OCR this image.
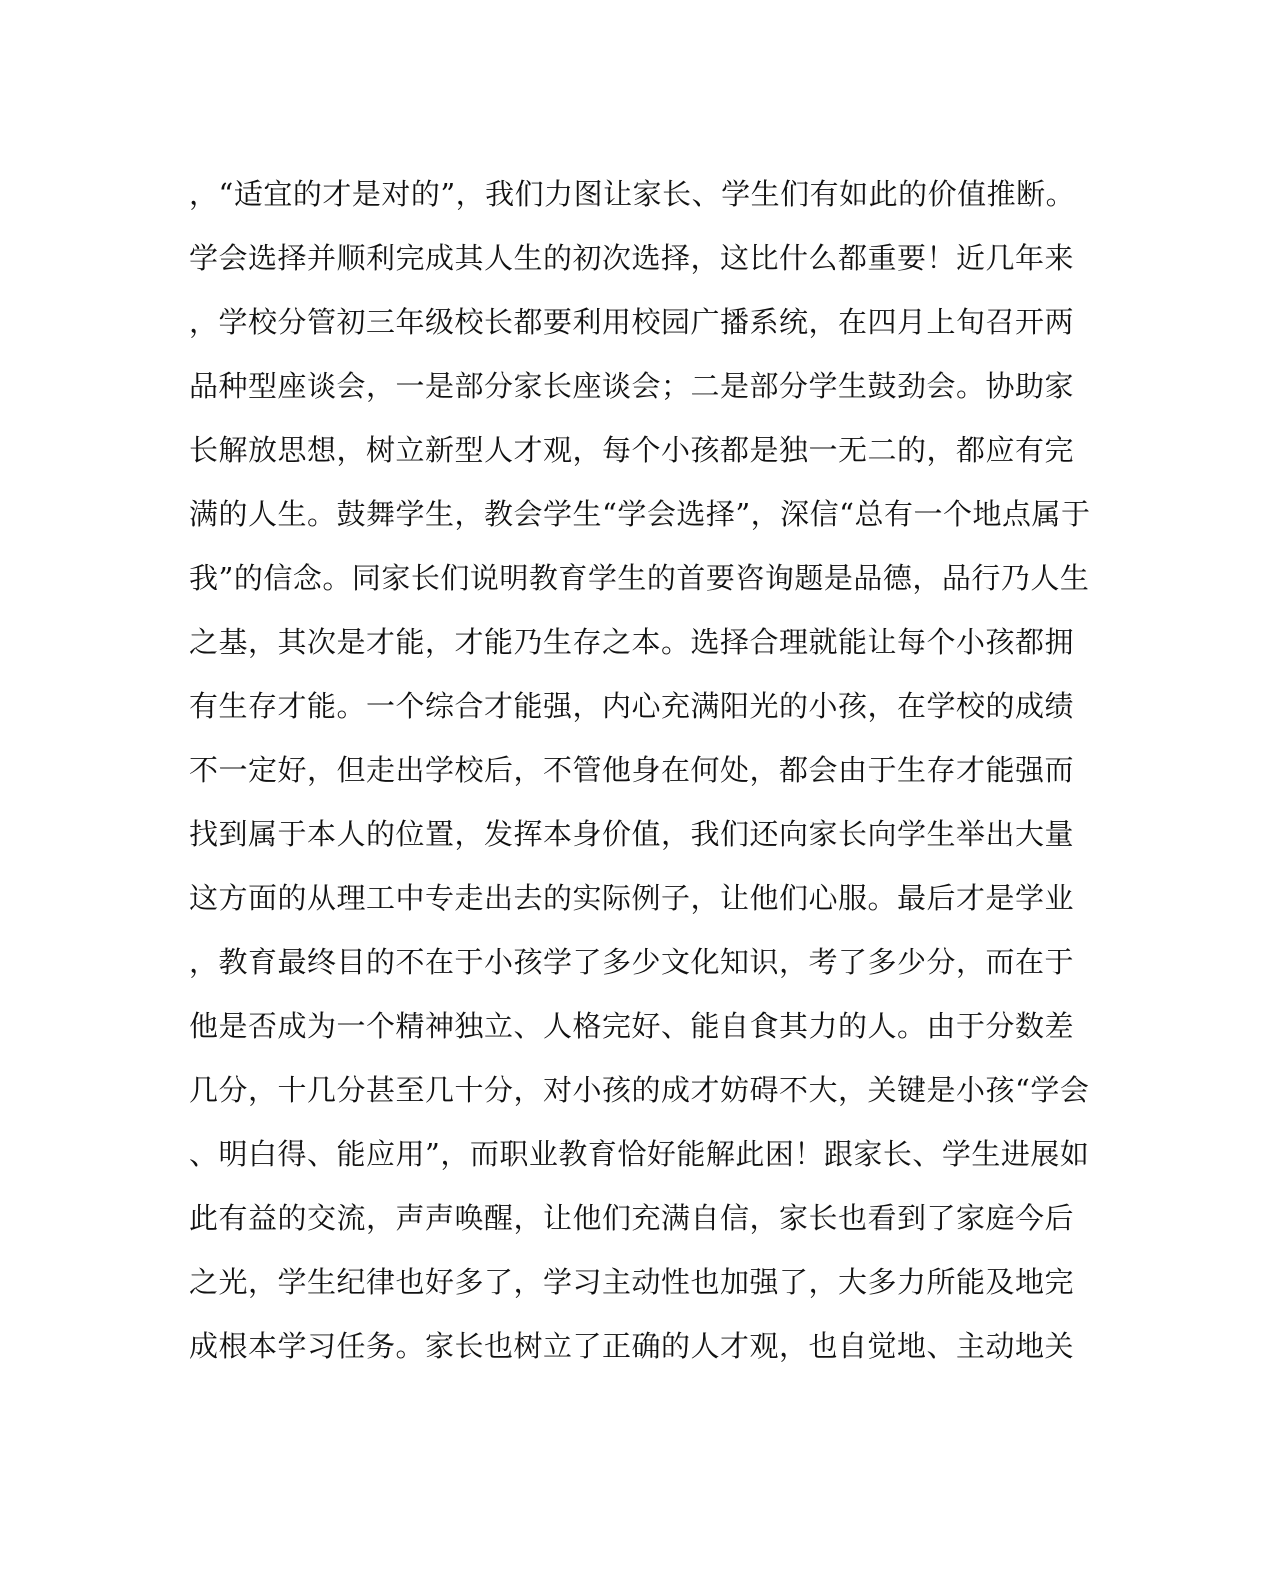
，“适宜的才是对的”，我们力图让家长、学生们有如此的价值推断。
学会选择并顺利完成其人生的初次选择，这比什么都重要！近几年来
，学校分管初三年级校长都要利用校园广播系统，在四月上旬召开两
品种型座谈会，一是部分家长座谈会；二是部分学生鼓劲会。协助家
长解放思想，树立新型人才观，每个小孩都是独一无二的，都应有完
满的人生。鼓舞学生，教会学生“学会选择”，深信“总有一个地点属于
我”的信念。同家长们说明教育学生的首要咨询题是品德，品行乃人生
之基，其次是才能，才能乃生存之本。选择合理就能让每个小孩都拥
有生存才能。一个综合才能强，内心充满阳光的小孩，在学校的成绩
不一定好，但走出学校后，不管他身在何处，都会由于生存才能强而
找到属于本人的位置，发挥本身价值，我们还向家长向学生举出大量
这方面的从理工中专走出去的实际例子，让他们心服。最后才是学业
，教育最终目的不在于小孩学了多少文化知识，考了多少分，而在于
他是否成为一个精神独立、人格完好、能自食其力的人。由于分数差
几分，十几分甚至几十分，对小孩的成才妨碍不大，关键是小孩“学会
、明白得、能应用”，而职业教育恰好能解此困！跟家长、学生进展如
此有益的交流，声声唤醒，让他们充满自信，家长也看到了家庭今后
之光，学生纪律也好多了，学习主动性也加强了，大多力所能及地完
成根本学习任务。家长也树立了正确的人才观，也自觉地、主动地关
